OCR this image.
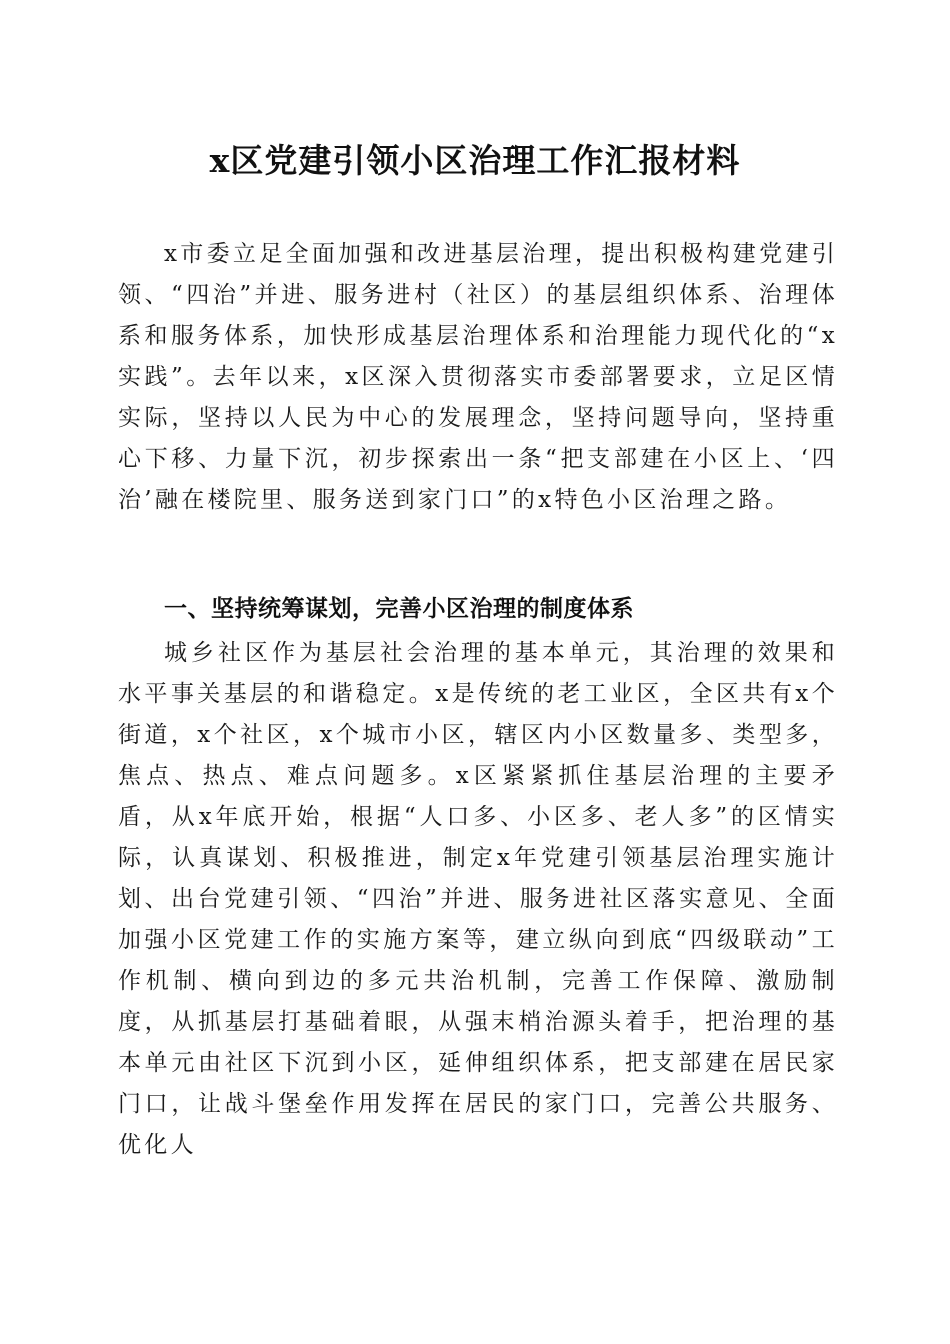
x区党建引领小区治理工作汇报材料

x市委立足全面加强和改进基层治理，提出积极构建党建引领、“四治”并进、服务进村（社区）的基层组织体系、治理体系和服务体系，加快形成基层治理体系和治理能力现代化的“x实践”。去年以来，x区深入贯彻落实市委部署要求，立足区情实际，坚持以人民为中心的发展理念，坚持问题导向，坚持重心下移、力量下沉，初步探索出一条“把支部建在小区上、‘四治’融在楼院里、服务送到家门口”的x特色小区治理之路。

一、坚持统筹谋划，完善小区治理的制度体系

城乡社区作为基层社会治理的基本单元，其治理的效果和水平事关基层的和谐稳定。x是传统的老工业区，全区共有x个街道，x个社区，x个城市小区，辖区内小区数量多、类型多，焦点、热点、难点问题多。x区紧紧抓住基层治理的主要矛盾，从x年底开始，根据“人口多、小区多、老人多”的区情实际，认真谋划、积极推进，制定x年党建引领基层治理实施计划、出台党建引领、“四治”并进、服务进社区落实意见、全面加强小区党建工作的实施方案等，建立纵向到底“四级联动”工作机制、横向到边的多元共治机制，完善工作保障、激励制度，从抓基层打基础着眼，从强末梢治源头着手，把治理的基本单元由社区下沉到小区，延伸组织体系，把支部建在居民家门口，让战斗堡垒作用发挥在居民的家门口，完善公共服务、优化人
